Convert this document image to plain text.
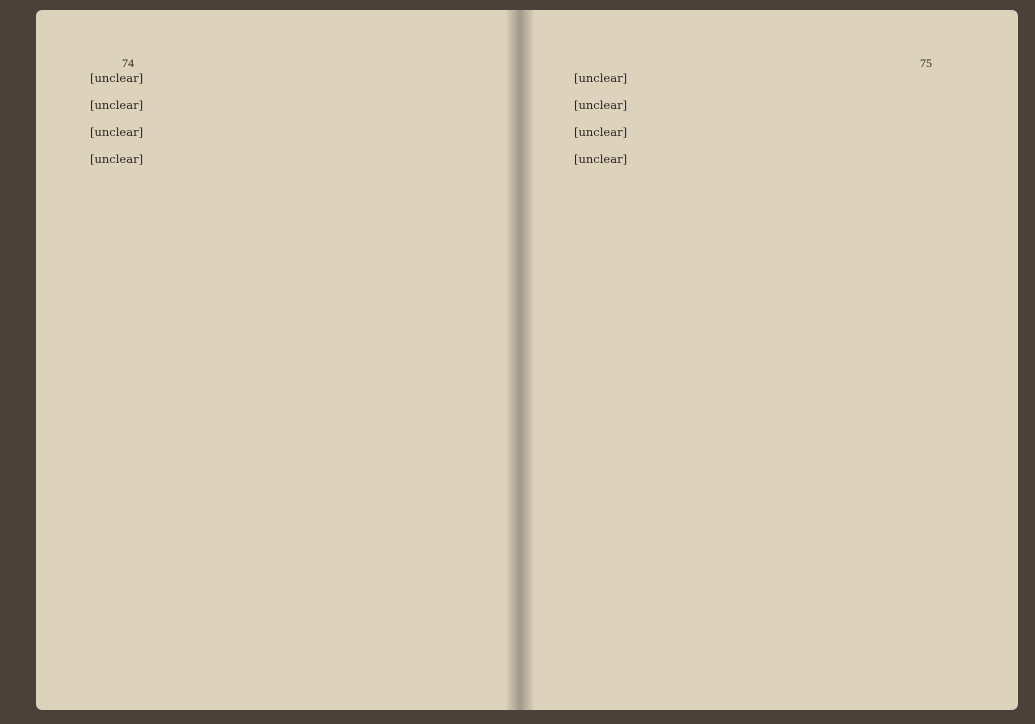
74

[unclear]

[unclear]

[unclear]

[unclear]

75

[unclear]

[unclear]

[unclear]

[unclear]
